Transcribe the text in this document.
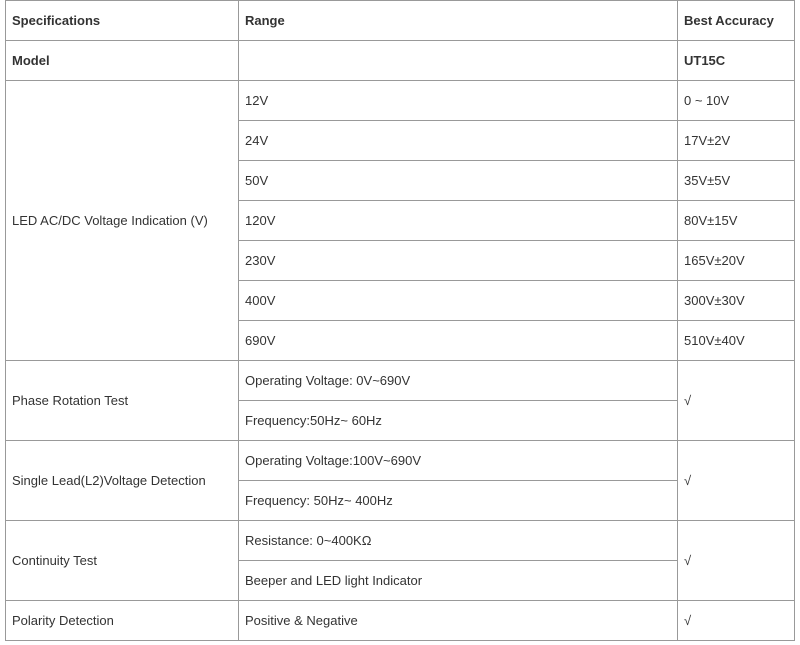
Specifications	Range	Best Accuracy
Model		UT15C
LED AC/DC Voltage Indication (V)	12V	0 ~ 10V
	24V	17V±2V
	50V	35V±5V
	120V	80V±15V
	230V	165V±20V
	400V	300V±30V
	690V	510V±40V
Phase Rotation Test	Operating Voltage: 0V~690V	√
	Frequency:50Hz~ 60Hz	
Single Lead(L2)Voltage Detection	Operating Voltage:100V~690V	√
	Frequency: 50Hz~ 400Hz	
Continuity Test	Resistance: 0~400KΩ	√
	Beeper and LED light Indicator	
Polarity Detection	Positive & Negative	√
